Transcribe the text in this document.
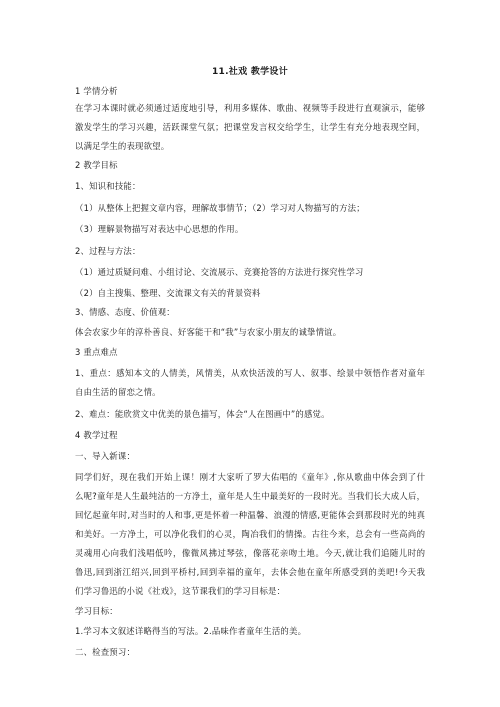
11.社戏 教学设计
1 学情分析
在学习本课时就必须通过适度地引导，利用多媒体、歌曲、视频等手段进行直观演示，能够
激发学生的学习兴趣，活跃课堂气氛；把课堂发言权交给学生，让学生有充分地表现空间，
以满足学生的表现欲望。
2 教学目标
1、知识和技能：
（1）从整体上把握文章内容，理解故事情节；（2）学习对人物描写的方法；
（3）理解景物描写对表达中心思想的作用。
2、过程与方法：
（1）通过质疑问难、小组讨论、交流展示、竞赛抢答的方法进行探究性学习
（2）自主搜集、整理、交流课文有关的背景资料
3、情感、态度、价值观：
体会农家少年的淳朴善良、好客能干和“我”与农家小朋友的诚挚情谊。
3 重点难点
1、重点：感知本文的人情美，风情美，从欢快活泼的写人、叙事、绘景中领悟作者对童年
自由生活的留恋之情。
2、难点：能欣赏文中优美的景色描写，体会“人在图画中”的感觉。
4 教学过程
一、导入新课：
同学们好，现在我们开始上课！刚才大家听了罗大佑唱的《童年》,你从歌曲中体会到了什
么呢?童年是人生最纯洁的一方净土，童年是人生中最美好的一段时光。当我们长大成人后，
回忆起童年时,对当时的人和事,更是怀着一种温馨、浪漫的情感,更能体会到那段时光的纯真
和美好。一方净土，可以净化我们的心灵，陶冶我们的情操。古往今来，总会有一些高尚的
灵魂用心向我们浅唱低吟，像微风拂过琴弦，像落花亲吻土地。今天,就让我们追随儿时的
鲁迅,回到浙江绍兴,回到平桥村,回到幸福的童年，去体会他在童年所感受到的美吧!今天我
们学习鲁迅的小说《社戏》，这节课我们的学习目标是：
学习目标：
1.学习本文叙述详略得当的写法。2.品味作者童年生活的美。
二、检查预习：
